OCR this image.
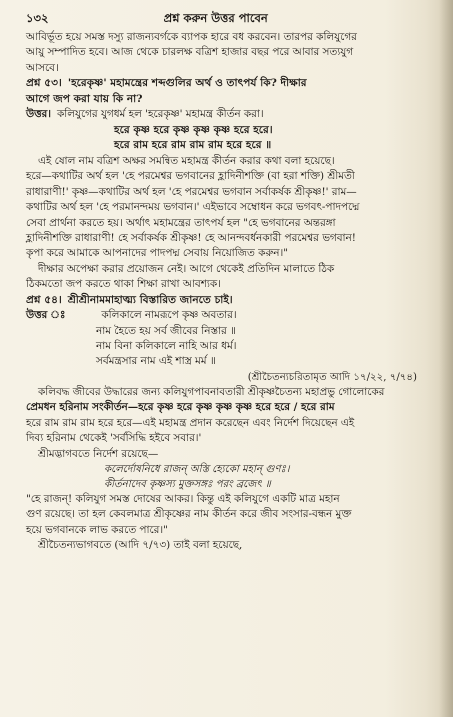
১৩২	প্রশ্ন করুন উত্তর পাবেন

আবির্ভূত হয়ে সমস্ত দস্যু রাজন্যবর্গকে ব্যাপক হারে বধ করবেন। তারপর কলিযুগের

আয়ু সম্পাদিত হবে। আজ থেকে চারলক্ষ বত্রিশ হাজার বছর পরে আবার সত্যযুগ

আসবে।

প্রশ্ন ৫৩। 'হরেকৃষ্ণ' মহামন্ত্রের শব্দগুলির অর্থ ও তাৎপর্য কি? দীক্ষার
আগে জপ করা যায় কি না?
উত্তর। কলিযুগের যুগধর্ম হল 'হরেকৃষ্ণ' মহামন্ত্র কীর্তন করা।
হরে কৃষ্ণ হরে কৃষ্ণ কৃষ্ণ কৃষ্ণ হরে হরে।
হরে রাম হরে রাম রাম রাম হরে হরে ॥

এই ষোল নাম বত্রিশ অক্ষর সমন্বিত মহামন্ত্র কীর্তন করার কথা বলা হয়েছে।

হরে—কথাটির অর্থ হল 'হে পরমেশ্বর ভগবানের হ্লাদিনীশক্তি (বা হরা শক্তি) শ্রীমতী

রাধারাণী!' কৃষ্ণ—কথাটির অর্থ হল 'হে পরমেশ্বর ভগবান সর্বাকর্ষক শ্রীকৃষ্ণ!' রাম—

কথাটির অর্থ হল 'হে পরমানন্দময় ভগবান।' এইভাবে সম্বোধন করে ভগবৎ-পাদপদ্মে

সেবা প্রার্থনা করতে হয়। অর্থাৎ মহামন্ত্রের তাৎপর্য হল "হে ভগবানের অন্তরঙ্গা

হ্লাদিনীশক্তি রাধারাণী! হে সর্বাকর্ষক শ্রীকৃষ্ণ! হে আনন্দবর্ধনকারী পরমেশ্বর ভগবান!

কৃপা করে আমাকে আপনাদের পাদপদ্ম সেবায় নিয়োজিত করুন।"

দীক্ষার অপেক্ষা করার প্রয়োজন নেই। আগে থেকেই প্রতিদিন মালাতে ঠিক

ঠিকমতো জপ করতে থাকা শিক্ষা রাখা আবশ্যক।

প্রশ্ন ৫৪। শ্রীশ্রীনামমাহাত্ম্য বিস্তারিত জানতে চাই।
উত্তর ঃ	কলিকালে নামরূপে কৃষ্ণ অবতার।
নাম হৈতে হয় সর্ব জীবের নিস্তার ॥
নাম বিনা কলিকালে নাহি আর ধর্ম।
সর্বমন্ত্রসার নাম এই শাস্ত্র মর্ম ॥
(শ্রীচৈতন্যচরিতামৃত আদি ১৭/২২, ৭/৭৪)

কলিবদ্ধ জীবের উদ্ধারের জন্য কলিযুগপাবনাবতারী শ্রীকৃষ্ণচৈতন্য মহাপ্রভু গোলোকের

প্রেমধন হরিনাম সংকীর্তন—হরে কৃষ্ণ হরে কৃষ্ণ কৃষ্ণ কৃষ্ণ হরে হরে / হরে রাম

হরে রাম রাম রাম হরে হরে—এই মহামন্ত্র প্রদান করেছেন এবং নির্দেশ দিয়েছেন এই

দিব্য হরিনাম থেকেই 'সর্বসিদ্ধি হইবে সবার।'

শ্রীমদ্ভাগবতে নির্দেশ রয়েছে—

কলের্দোষনিধে রাজন্ অস্তি হ্যেকো মহান্ গুণঃ।
কীর্তনাদেব কৃষ্ণস্য মুক্তসঙ্গঃ পরং ব্রজেৎ ॥

"হে রাজন্! কলিযুগ সমস্ত দোষের আকর। কিন্তু এই কলিযুগে একটি মাত্র মহান

গুণ রয়েছে। তা হল কেবলমাত্র শ্রীকৃষ্ণের নাম কীর্তন করে জীব সংসার-বন্ধন মুক্ত

হয়ে ভগবানকে লাভ করতে পারে।"

শ্রীচৈতন্যভাগবতে (আদি ৭/৭৩) তাই বলা হয়েছে,
